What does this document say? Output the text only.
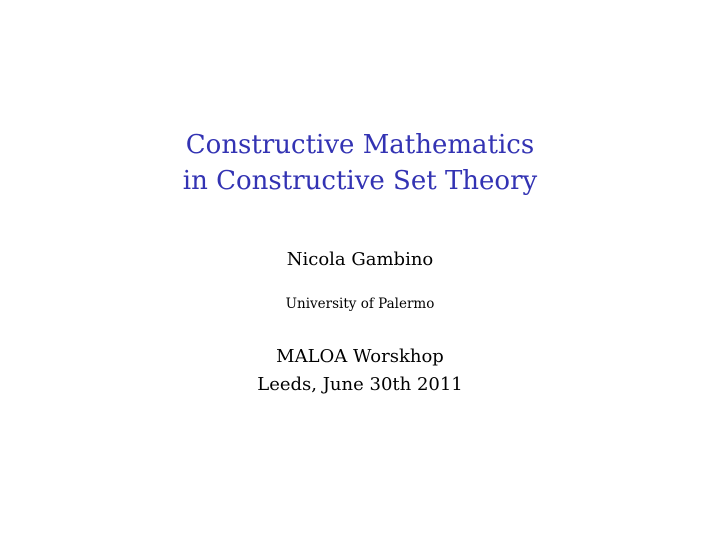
Constructive Mathematics
in Constructive Set Theory
Nicola Gambino
University of Palermo
MALOA Worskhop
Leeds, June 30th 2011
